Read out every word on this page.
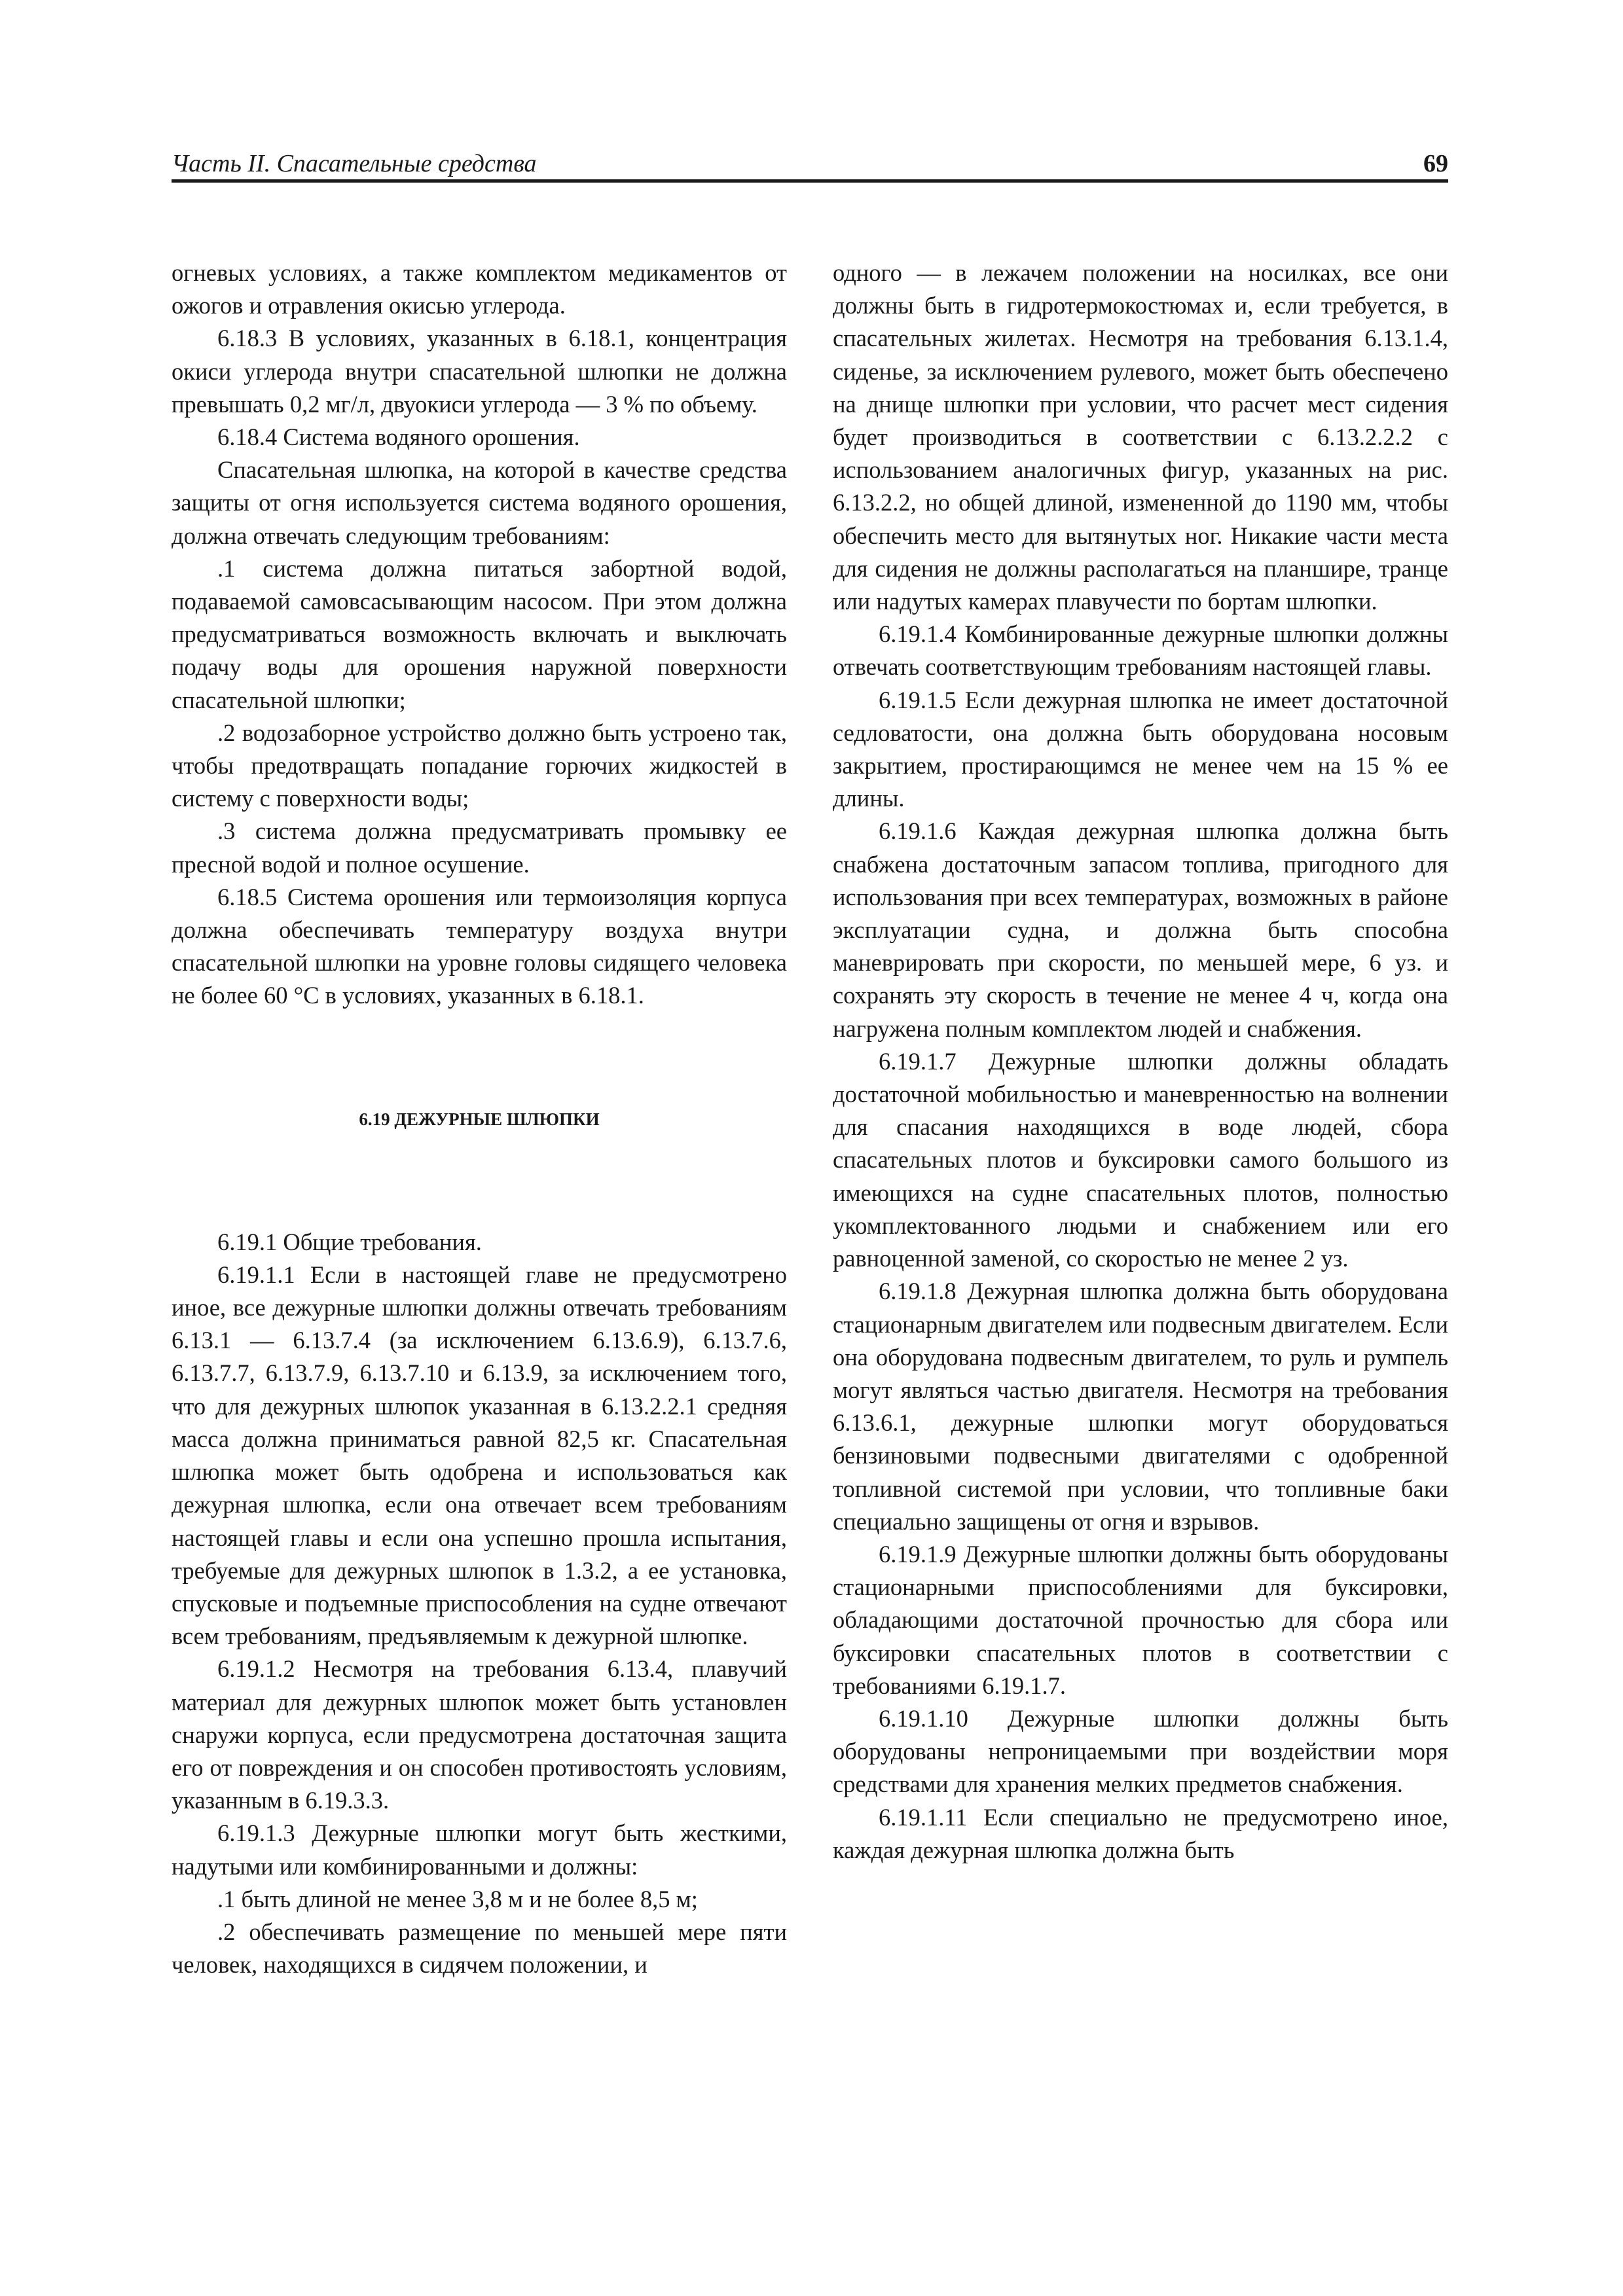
Часть II. Спасательные средства	69

огневых условиях, а также комплектом медикаментов от ожогов и отравления окисью углерода.

6.18.3 В условиях, указанных в 6.18.1, концентрация окиси углерода внутри спасательной шлюпки не должна превышать 0,2 мг/л, двуокиси углерода — 3 % по объему.

6.18.4 Система водяного орошения.

Спасательная шлюпка, на которой в качестве средства защиты от огня используется система водяного орошения, должна отвечать следующим требованиям:

.1 система должна питаться забортной водой, подаваемой самовсасывающим насосом. При этом должна предусматриваться возможность включать и выключать подачу воды для орошения наружной поверхности спасательной шлюпки;

.2 водозаборное устройство должно быть устроено так, чтобы предотвращать попадание горючих жидкостей в систему с поверхности воды;

.3 система должна предусматривать промывку ее пресной водой и полное осушение.

6.18.5 Система орошения или термоизоляция корпуса должна обеспечивать температуру воздуха внутри спасательной шлюпки на уровне головы сидящего человека не более 60 °С в условиях, указанных в 6.18.1.

6.19 ДЕЖУРНЫЕ ШЛЮПКИ

6.19.1 Общие требования.

6.19.1.1 Если в настоящей главе не предусмотрено иное, все дежурные шлюпки должны отвечать требованиям 6.13.1 — 6.13.7.4 (за исключением 6.13.6.9), 6.13.7.6, 6.13.7.7, 6.13.7.9, 6.13.7.10 и 6.13.9, за исключением того, что для дежурных шлюпок указанная в 6.13.2.2.1 средняя масса должна приниматься равной 82,5 кг. Спасательная шлюпка может быть одобрена и использоваться как дежурная шлюпка, если она отвечает всем требованиям настоящей главы и если она успешно прошла испытания, требуемые для дежурных шлюпок в 1.3.2, а ее установка, спусковые и подъемные приспособления на судне отвечают всем требованиям, предъявляемым к дежурной шлюпке.

6.19.1.2 Несмотря на требования 6.13.4, плавучий материал для дежурных шлюпок может быть установлен снаружи корпуса, если предусмотрена достаточная защита его от повреждения и он способен противостоять условиям, указанным в 6.19.3.3.

6.19.1.3 Дежурные шлюпки могут быть жесткими, надутыми или комбинированными и должны:

.1 быть длиной не менее 3,8 м и не более 8,5 м;

.2 обеспечивать размещение по меньшей мере пяти человек, находящихся в сидячем положении, и

одного — в лежачем положении на носилках, все они должны быть в гидротермокостюмах и, если требуется, в спасательных жилетах. Несмотря на требования 6.13.1.4, сиденье, за исключением рулевого, может быть обеспечено на днище шлюпки при условии, что расчет мест сидения будет производиться в соответствии с 6.13.2.2.2 с использованием аналогичных фигур, указанных на рис. 6.13.2.2, но общей длиной, измененной до 1190 мм, чтобы обеспечить место для вытянутых ног. Никакие части места для сидения не должны располагаться на планшире, транце или надутых камерах плавучести по бортам шлюпки.

6.19.1.4 Комбинированные дежурные шлюпки должны отвечать соответствующим требованиям настоящей главы.

6.19.1.5 Если дежурная шлюпка не имеет достаточной седловатости, она должна быть оборудована носовым закрытием, простирающимся не менее чем на 15 % ее длины.

6.19.1.6 Каждая дежурная шлюпка должна быть снабжена достаточным запасом топлива, пригодного для использования при всех температурах, возможных в районе эксплуатации судна, и должна быть способна маневрировать при скорости, по меньшей мере, 6 уз. и сохранять эту скорость в течение не менее 4 ч, когда она нагружена полным комплектом людей и снабжения.

6.19.1.7 Дежурные шлюпки должны обладать достаточной мобильностью и маневренностью на волнении для спасания находящихся в воде людей, сбора спасательных плотов и буксировки самого большого из имеющихся на судне спасательных плотов, полностью укомплектованного людьми и снабжением или его равноценной заменой, со скоростью не менее 2 уз.

6.19.1.8 Дежурная шлюпка должна быть оборудована стационарным двигателем или подвесным двигателем. Если она оборудована подвесным двигателем, то руль и румпель могут являться частью двигателя. Несмотря на требования 6.13.6.1, дежурные шлюпки могут оборудоваться бензиновыми подвесными двигателями с одобренной топливной системой при условии, что топливные баки специально защищены от огня и взрывов.

6.19.1.9 Дежурные шлюпки должны быть оборудованы стационарными приспособлениями для буксировки, обладающими достаточной прочностью для сбора или буксировки спасательных плотов в соответствии с требованиями 6.19.1.7.

6.19.1.10 Дежурные шлюпки должны быть оборудованы непроницаемыми при воздействии моря средствами для хранения мелких предметов снабжения.

6.19.1.11 Если специально не предусмотрено иное, каждая дежурная шлюпка должна быть
